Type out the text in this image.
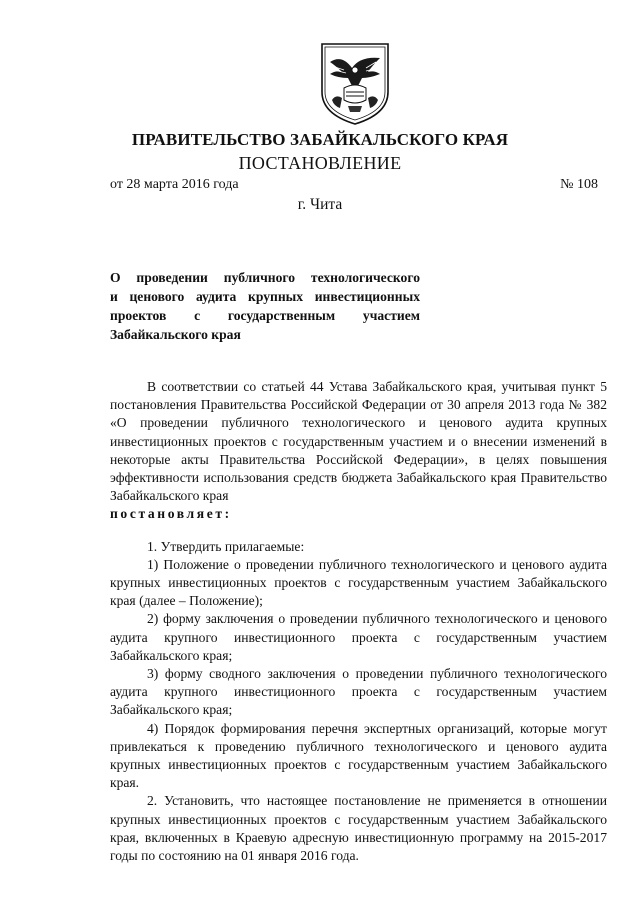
ПРАВИТЕЛЬСТВО ЗАБАЙКАЛЬСКОГО КРАЯ
ПОСТАНОВЛЕНИЕ
от 28 марта 2016 года	№ 108
г. Чита
О проведении публичного технологического
и ценового аудита крупных инвестиционных
проектов с государственным участием
Забайкальского края

В соответствии со статьей 44 Устава Забайкальского края, учитывая пункт 5 постановления Правительства Российской Федерации от 30 апреля 2013 года № 382 «О проведении публичного технологического и ценового аудита крупных инвестиционных проектов с государственным участием и о внесении изменений в некоторые акты Правительства Российской Федерации», в целях повышения эффективности использования средств бюджета Забайкальского края Правительство Забайкальского края

постановляет:

1. Утвердить прилагаемые:

1) Положение о проведении публичного технологического и ценового аудита крупных инвестиционных проектов с государственным участием Забайкальского края (далее – Положение);

2) форму заключения о проведении публичного технологического и ценового аудита крупного инвестиционного проекта с государственным участием Забайкальского края;

3) форму сводного заключения о проведении публичного технологического аудита крупного инвестиционного проекта с государственным участием Забайкальского края;

4) Порядок формирования перечня экспертных организаций, которые могут привлекаться к проведению публичного технологического и ценового аудита крупных инвестиционных проектов с государственным участием Забайкальского края.

2. Установить, что настоящее постановление не применяется в отношении крупных инвестиционных проектов с государственным участием Забайкальского края, включенных в Краевую адресную инвестиционную программу на 2015-2017 годы по состоянию на 01 января 2016 года.
